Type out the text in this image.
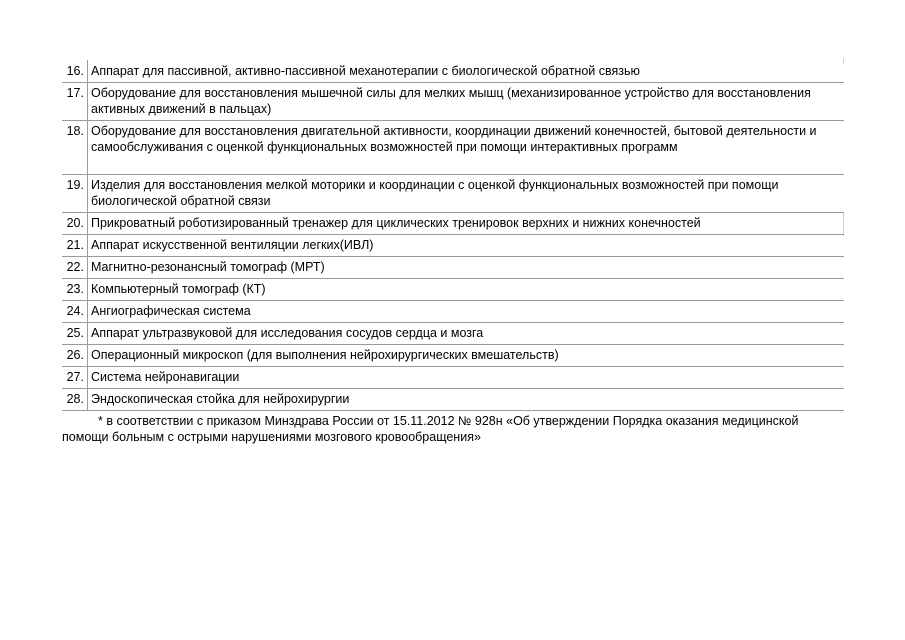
16.	Аппарат для пассивной, активно-пассивной механотерапии с биологической обратной связью
17.	Оборудование для восстановления мышечной силы для мелких мышц (механизированное устройство для восстановления активных движений в пальцах)
18.	Оборудование для восстановления двигательной активности, координации движений конечностей, бытовой деятельности и самообслуживания с оценкой функциональных возможностей при помощи интерактивных программ
19.	Изделия для восстановления мелкой моторики и координации с оценкой функциональных возможностей при помощи биологической обратной связи
20.	Прикроватный роботизированный тренажер для циклических тренировок верхних и нижних конечностей
21.	Аппарат искусственной вентиляции легких(ИВЛ)
22.	Магнитно-резонансный томограф (МРТ)
23.	Компьютерный томограф (КТ)
24.	Ангиографическая система
25.	Аппарат ультразвуковой для исследования сосудов сердца и мозга
26.	Операционный микроскоп (для выполнения нейрохирургических вмешательств)
27.	Система нейронавигации
28.	Эндоскопическая стойка для нейрохирургии
* в соответствии с приказом Минздрава России от 15.11.2012 № 928н «Об утверждении Порядка оказания медицинской помощи больным с острыми нарушениями мозгового кровообращения»
